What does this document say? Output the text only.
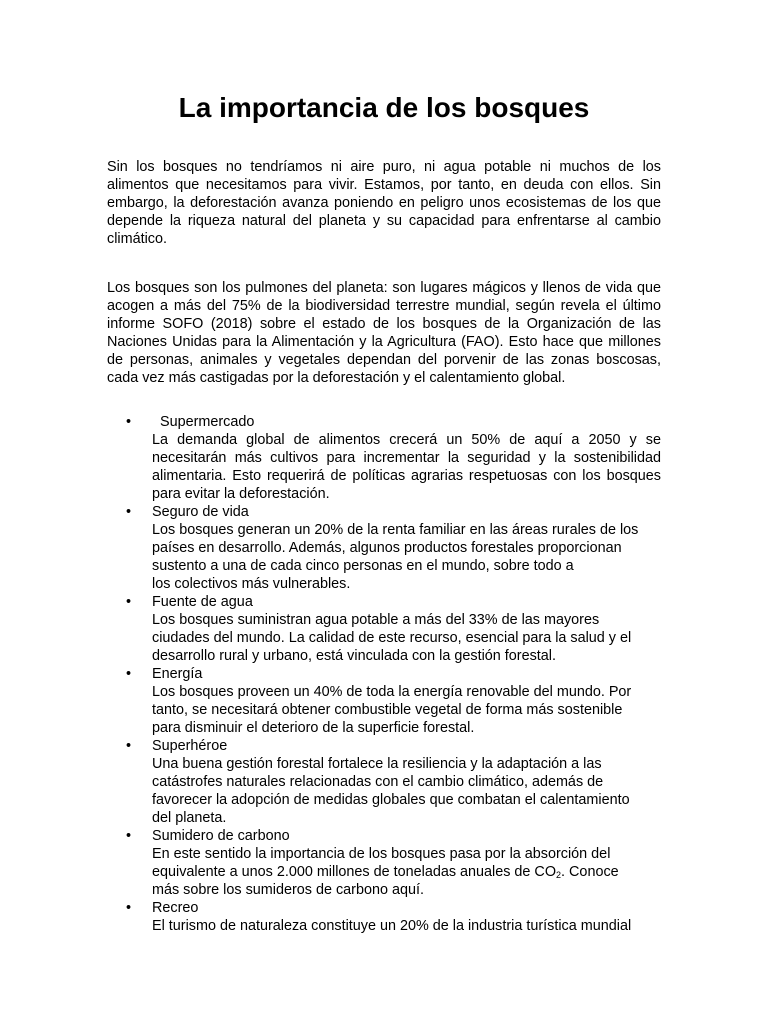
La importancia de los bosques

Sin los bosques no tendríamos ni aire puro, ni agua potable ni muchos de los alimentos que necesitamos para vivir. Estamos, por tanto, en deuda con ellos. Sin embargo, la deforestación avanza poniendo en peligro unos ecosistemas de los que depende la riqueza natural del planeta y su capacidad para enfrentarse al cambio climático.

Los bosques son los pulmones del planeta: son lugares mágicos y llenos de vida que acogen a más del 75% de la biodiversidad terrestre mundial, según revela el último informe SOFO (2018) sobre el estado de los bosques de la Organización de las Naciones Unidas para la Alimentación y la Agricultura (FAO). Esto hace que millones de personas, animales y vegetales dependan del porvenir de las zonas boscosas, cada vez más castigadas por la deforestación y el calentamiento global.

•	Supermercado
La demanda global de alimentos crecerá un 50% de aquí a 2050 y se necesitarán más cultivos para incrementar la seguridad y la sostenibilidad alimentaria. Esto requerirá de políticas agrarias respetuosas con los bosques para evitar la deforestación.
• Seguro de vida
Los bosques generan un 20% de la renta familiar en las áreas rurales de los
países en desarrollo. Además, algunos productos forestales proporcionan
sustento a una de cada cinco personas en el mundo, sobre todo a
los colectivos más vulnerables.
• Fuente de agua
Los bosques suministran agua potable a más del 33% de las mayores
ciudades del mundo. La calidad de este recurso, esencial para la salud y el
desarrollo rural y urbano, está vinculada con la gestión forestal.
• Energía
Los bosques proveen un 40% de toda la energía renovable del mundo. Por
tanto, se necesitará obtener combustible vegetal de forma más sostenible
para disminuir el deterioro de la superficie forestal.
• Superhéroe
Una buena gestión forestal fortalece la resiliencia y la adaptación a las
catástrofes naturales relacionadas con el cambio climático, además de
favorecer la adopción de medidas globales que combatan el calentamiento
del planeta.
• Sumidero de carbono
En este sentido la importancia de los bosques pasa por la absorción del
equivalente a unos 2.000 millones de toneladas anuales de $CO_2$. Conoce
más sobre los sumideros de carbono aquí.
• Recreo
El turismo de naturaleza constituye un 20% de la industria turística mundial
